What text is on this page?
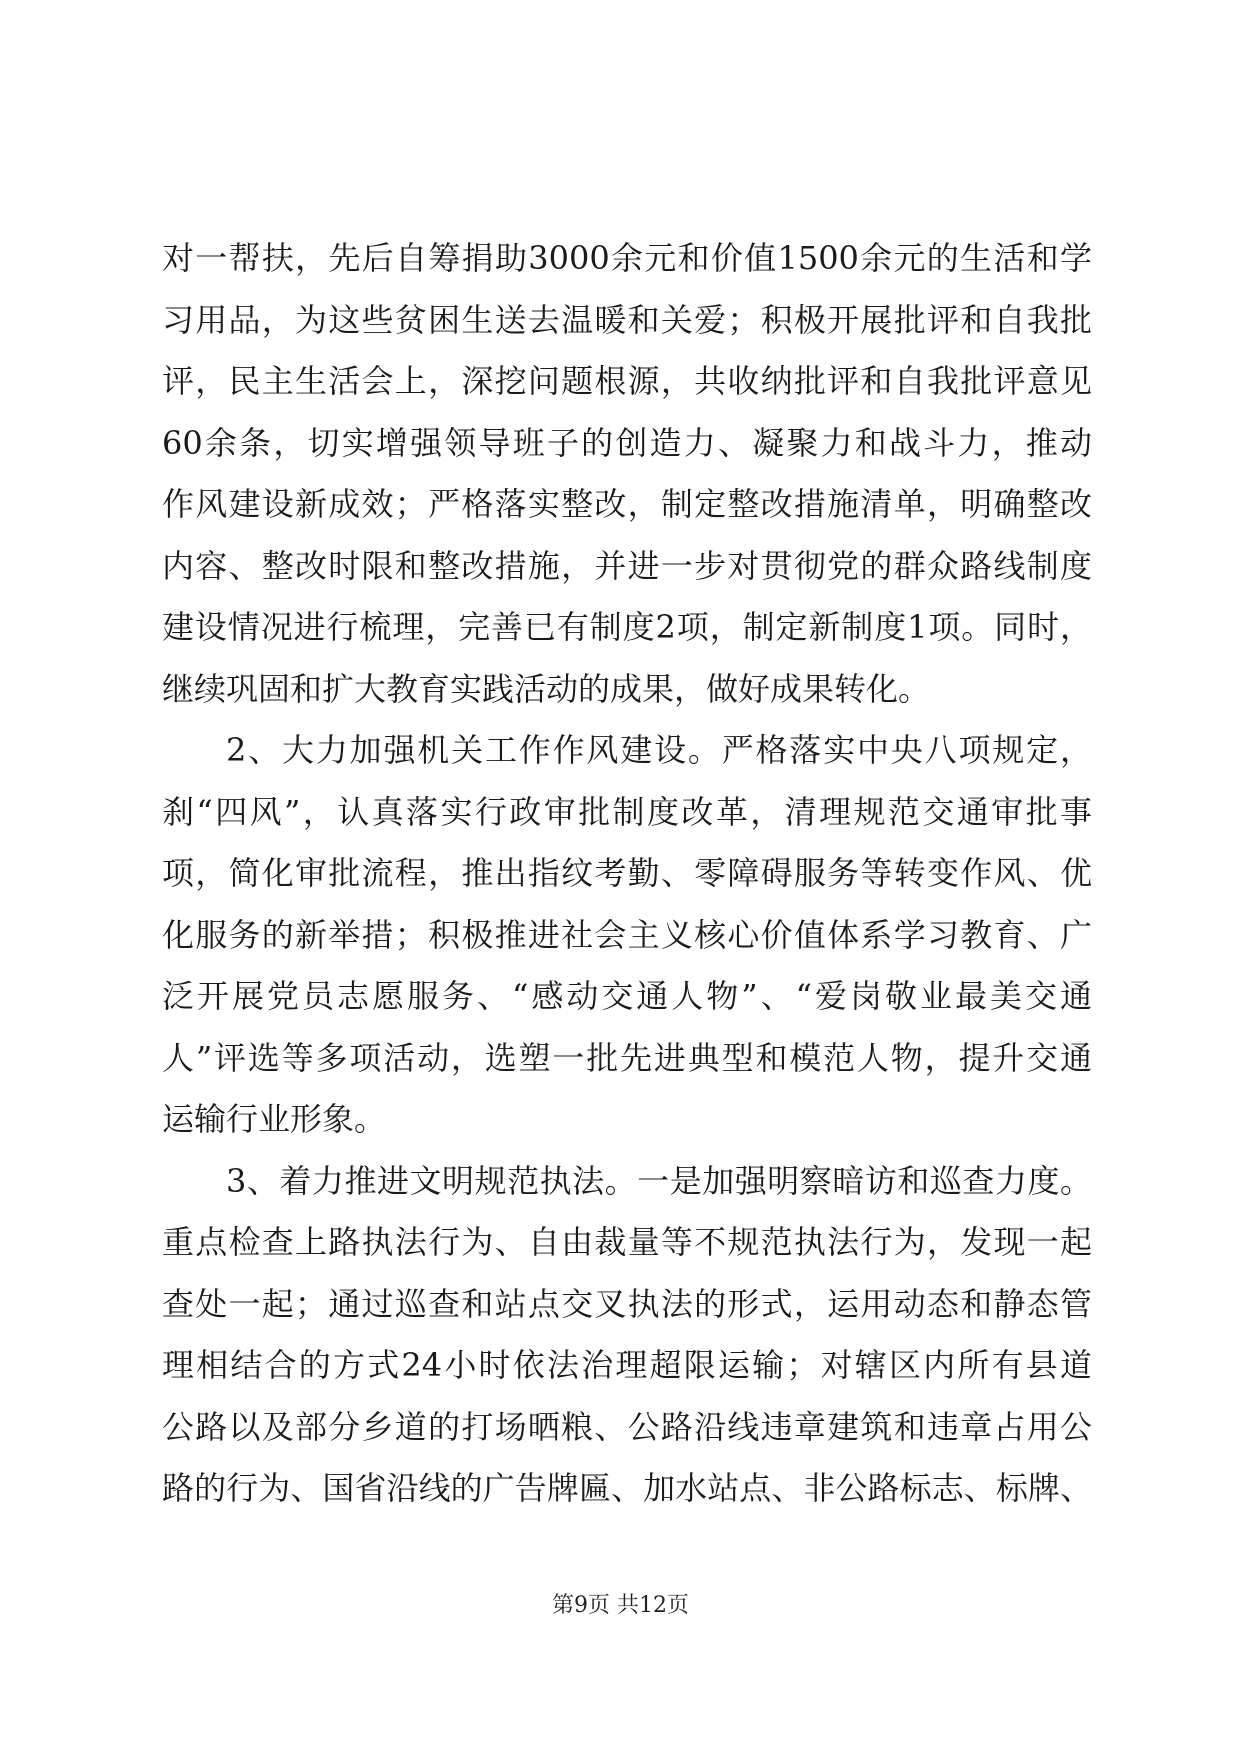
对一帮扶，先后自筹捐助3000余元和价值1500余元的生活和学
习用品，为这些贫困生送去温暖和关爱；积极开展批评和自我批
评，民主生活会上，深挖问题根源，共收纳批评和自我批评意见
60余条，切实增强领导班子的创造力、凝聚力和战斗力，推动
作风建设新成效；严格落实整改，制定整改措施清单，明确整改
内容、整改时限和整改措施，并进一步对贯彻党的群众路线制度
建设情况进行梳理，完善已有制度2项，制定新制度1项。同时，
继续巩固和扩大教育实践活动的成果，做好成果转化。
2、大力加强机关工作作风建设。严格落实中央八项规定，
刹“四风”，认真落实行政审批制度改革，清理规范交通审批事
项，简化审批流程，推出指纹考勤、零障碍服务等转变作风、优
化服务的新举措；积极推进社会主义核心价值体系学习教育、广
泛开展党员志愿服务、“感动交通人物”、“爱岗敬业最美交通
人”评选等多项活动，选塑一批先进典型和模范人物，提升交通
运输行业形象。
3、着力推进文明规范执法。一是加强明察暗访和巡查力度。
重点检查上路执法行为、自由裁量等不规范执法行为，发现一起
查处一起；通过巡查和站点交叉执法的形式，运用动态和静态管
理相结合的方式24小时依法治理超限运输；对辖区内所有县道
公路以及部分乡道的打场晒粮、公路沿线违章建筑和违章占用公
路的行为、国省沿线的广告牌匾、加水站点、非公路标志、标牌、
第9页 共12页
